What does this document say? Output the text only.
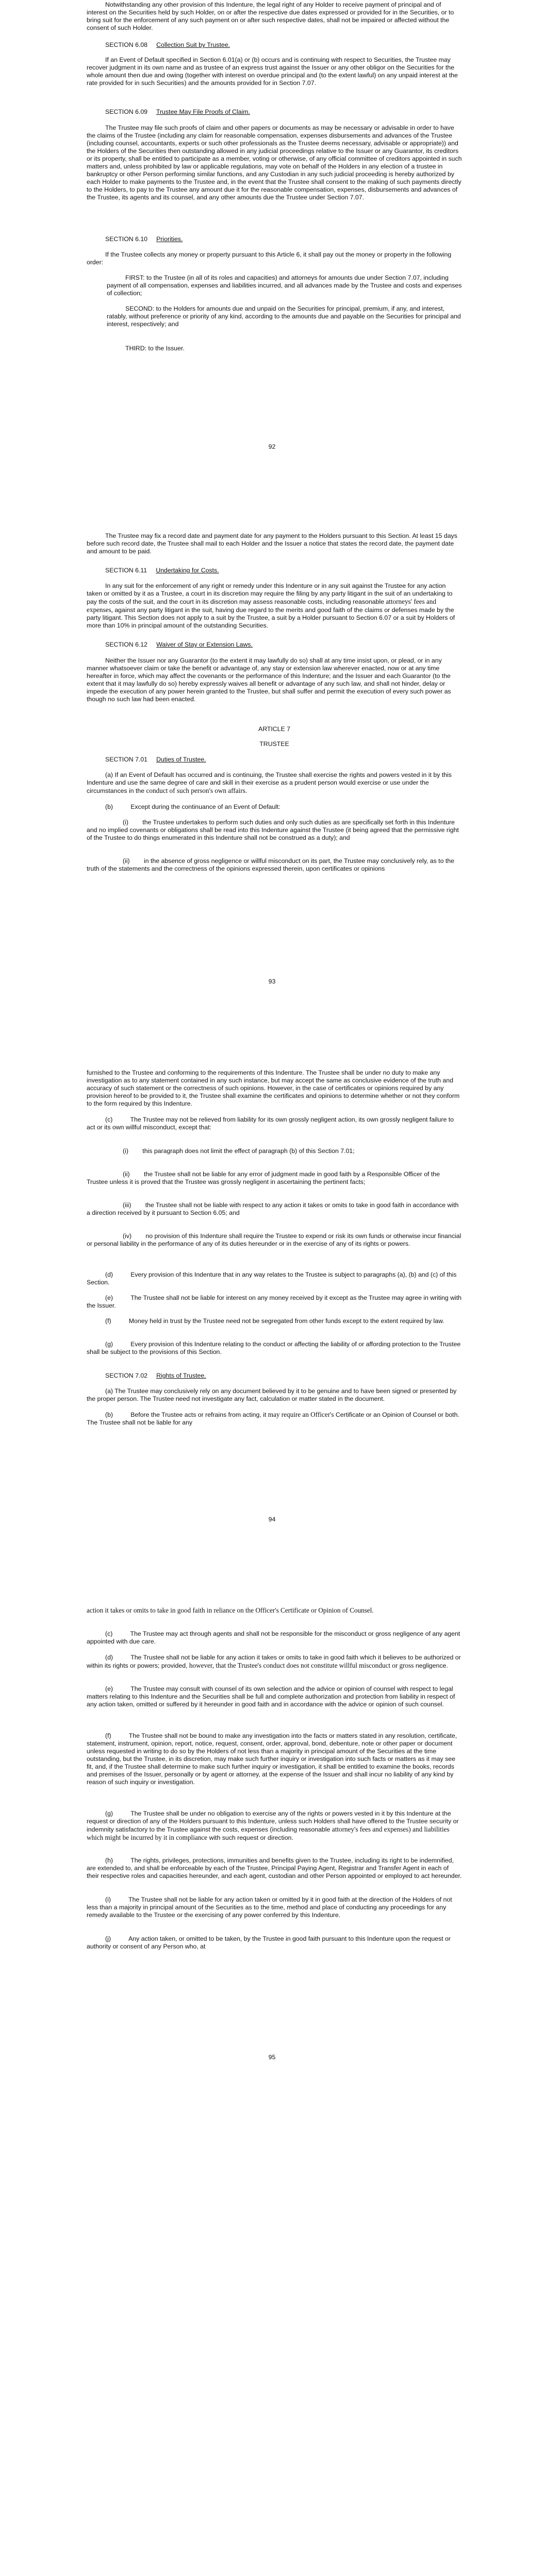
Notwithstanding any other provision of this Indenture, the legal right of any Holder to receive payment of principal and of interest on the Securities held by such Holder, on or after the respective due dates expressed or provided for in the Securities, or to bring suit for the enforcement of any such payment on or after such respective dates, shall not be impaired or affected without the consent of such Holder.

SECTION 6.08 Collection Suit by Trustee.

If an Event of Default specified in Section 6.01(a) or (b) occurs and is continuing with respect to Securities, the Trustee may recover judgment in its own name and as trustee of an express trust against the Issuer or any other obligor on the Securities for the whole amount then due and owing (together with interest on overdue principal and (to the extent lawful) on any unpaid interest at the rate provided for in such Securities) and the amounts provided for in Section 7.07.

SECTION 6.09 Trustee May File Proofs of Claim.

The Trustee may file such proofs of claim and other papers or documents as may be necessary or advisable in order to have the claims of the Trustee (including any claim for reasonable compensation, expenses disbursements and advances of the Trustee (including counsel, accountants, experts or such other professionals as the Trustee deems necessary, advisable or appropriate)) and the Holders of the Securities then outstanding allowed in any judicial proceedings relative to the Issuer or any Guarantor, its creditors or its property, shall be entitled to participate as a member, voting or otherwise, of any official committee of creditors appointed in such matters and, unless prohibited by law or applicable regulations, may vote on behalf of the Holders in any election of a trustee in bankruptcy or other Person performing similar functions, and any Custodian in any such judicial proceeding is hereby authorized by each Holder to make payments to the Trustee and, in the event that the Trustee shall consent to the making of such payments directly to the Holders, to pay to the Trustee any amount due it for the reasonable compensation, expenses, disbursements and advances of the Trustee, its agents and its counsel, and any other amounts due the Trustee under Section 7.07.

SECTION 6.10 Priorities.

If the Trustee collects any money or property pursuant to this Article 6, it shall pay out the money or property in the following order:

FIRST: to the Trustee (in all of its roles and capacities) and attorneys for amounts due under Section 7.07, including payment of all compensation, expenses and liabilities incurred, and all advances made by the Trustee and costs and expenses of collection;

SECOND: to the Holders for amounts due and unpaid on the Securities for principal, premium, if any, and interest, ratably, without preference or priority of any kind, according to the amounts due and payable on the Securities for principal and interest, respectively; and

THIRD: to the Issuer.

92

The Trustee may fix a record date and payment date for any payment to the Holders pursuant to this Section. At least 15 days before such record date, the Trustee shall mail to each Holder and the Issuer a notice that states the record date, the payment date and amount to be paid.

SECTION 6.11 Undertaking for Costs.

In any suit for the enforcement of any right or remedy under this Indenture or in any suit against the Trustee for any action taken or omitted by it as a Trustee, a court in its discretion may require the filing by any party litigant in the suit of an undertaking to pay the costs of the suit, and the court in its discretion may assess reasonable costs, including reasonable attorneys' fees and expenses, against any party litigant in the suit, having due regard to the merits and good faith of the claims or defenses made by the party litigant. This Section does not apply to a suit by the Trustee, a suit by a Holder pursuant to Section 6.07 or a suit by Holders of more than 10% in principal amount of the outstanding Securities.

SECTION 6.12 Waiver of Stay or Extension Laws.

Neither the Issuer nor any Guarantor (to the extent it may lawfully do so) shall at any time insist upon, or plead, or in any manner whatsoever claim or take the benefit or advantage of, any stay or extension law wherever enacted, now or at any time hereafter in force, which may affect the covenants or the performance of this Indenture; and the Issuer and each Guarantor (to the extent that it may lawfully do so) hereby expressly waives all benefit or advantage of any such law, and shall not hinder, delay or impede the execution of any power herein granted to the Trustee, but shall suffer and permit the execution of every such power as though no such law had been enacted.

ARTICLE 7

TRUSTEE

SECTION 7.01 Duties of Trustee.

(a) If an Event of Default has occurred and is continuing, the Trustee shall exercise the rights and powers vested in it by this Indenture and use the same degree of care and skill in their exercise as a prudent person would exercise or use under the circumstances in the conduct of such person's own affairs.

(b)	Except during the continuance of an Event of Default:

(i) the Trustee undertakes to perform such duties and only such duties as are specifically set forth in this Indenture and no implied covenants or obligations shall be read into this Indenture against the Trustee (it being agreed that the permissive right of the Trustee to do things enumerated in this Indenture shall not be construed as a duty); and

(ii) in the absence of gross negligence or willful misconduct on its part, the Trustee may conclusively rely, as to the truth of the statements and the correctness of the opinions expressed therein, upon certificates or opinions

93

furnished to the Trustee and conforming to the requirements of this Indenture. The Trustee shall be under no duty to make any investigation as to any statement contained in any such instance, but may accept the same as conclusive evidence of the truth and accuracy of such statement or the correctness of such opinions. However, in the case of certificates or opinions required by any provision hereof to be provided to it, the Trustee shall examine the certificates and opinions to determine whether or not they conform to the form required by this Indenture.

(c)	The Trustee may not be relieved from liability for its own grossly negligent action, its own grossly negligent failure to act or its own willful misconduct, except that:

(i) this paragraph does not limit the effect of paragraph (b) of this Section 7.01;

(ii) the Trustee shall not be liable for any error of judgment made in good faith by a Responsible Officer of the Trustee unless it is proved that the Trustee was grossly negligent in ascertaining the pertinent facts;

(iii) the Trustee shall not be liable with respect to any action it takes or omits to take in good faith in accordance with a direction received by it pursuant to Section 6.05; and

(iv) no provision of this Indenture shall require the Trustee to expend or risk its own funds or otherwise incur financial or personal liability in the performance of any of its duties hereunder or in the exercise of any of its rights or powers.

(d)	Every provision of this Indenture that in any way relates to the Trustee is subject to paragraphs (a), (b) and (c) of this Section.

(e)	The Trustee shall not be liable for interest on any money received by it except as the Trustee may agree in writing with the Issuer.

(f)	Money held in trust by the Trustee need not be segregated from other funds except to the extent required by law.

(g)	Every provision of this Indenture relating to the conduct or affecting the liability of or affording protection to the Trustee shall be subject to the provisions of this Section.

SECTION 7.02 Rights of Trustee.

(a) The Trustee may conclusively rely on any document believed by it to be genuine and to have been signed or presented by the proper person. The Trustee need not investigate any fact, calculation or matter stated in the document.

(b)	Before the Trustee acts or refrains from acting, it may require an Officer's Certificate or an Opinion of Counsel or both. The Trustee shall not be liable for any

94

action it takes or omits to take in good faith in reliance on the Officer's Certificate or Opinion of Counsel.

(c)	The Trustee may act through agents and shall not be responsible for the misconduct or gross negligence of any agent appointed with due care.

(d)	The Trustee shall not be liable for any action it takes or omits to take in good faith which it believes to be authorized or within its rights or powers; provided, however, that the Trustee's conduct does not constitute willful misconduct or gross negligence.

(e)	The Trustee may consult with counsel of its own selection and the advice or opinion of counsel with respect to legal matters relating to this Indenture and the Securities shall be full and complete authorization and protection from liability in respect of any action taken, omitted or suffered by it hereunder in good faith and in accordance with the advice or opinion of such counsel.

(f)	The Trustee shall not be bound to make any investigation into the facts or matters stated in any resolution, certificate, statement, instrument, opinion, report, notice, request, consent, order, approval, bond, debenture, note or other paper or document unless requested in writing to do so by the Holders of not less than a majority in principal amount of the Securities at the time outstanding, but the Trustee, in its discretion, may make such further inquiry or investigation into such facts or matters as it may see fit, and, if the Trustee shall determine to make such further inquiry or investigation, it shall be entitled to examine the books, records and premises of the Issuer, personally or by agent or attorney, at the expense of the Issuer and shall incur no liability of any kind by reason of such inquiry or investigation.

(g)	The Trustee shall be under no obligation to exercise any of the rights or powers vested in it by this Indenture at the request or direction of any of the Holders pursuant to this Indenture, unless such Holders shall have offered to the Trustee security or indemnity satisfactory to the Trustee against the costs, expenses (including reasonable attorney's fees and expenses) and liabilities which might be incurred by it in compliance with such request or direction.

(h)	The rights, privileges, protections, immunities and benefits given to the Trustee, including its right to be indemnified, are extended to, and shall be enforceable by each of the Trustee, Principal Paying Agent, Registrar and Transfer Agent in each of their respective roles and capacities hereunder, and each agent, custodian and other Person appointed or employed to act hereunder.

(i)	The Trustee shall not be liable for any action taken or omitted by it in good faith at the direction of the Holders of not less than a majority in principal amount of the Securities as to the time, method and place of conducting any proceedings for any remedy available to the Trustee or the exercising of any power conferred by this Indenture.

(j)	Any action taken, or omitted to be taken, by the Trustee in good faith pursuant to this Indenture upon the request or authority or consent of any Person who, at

95
